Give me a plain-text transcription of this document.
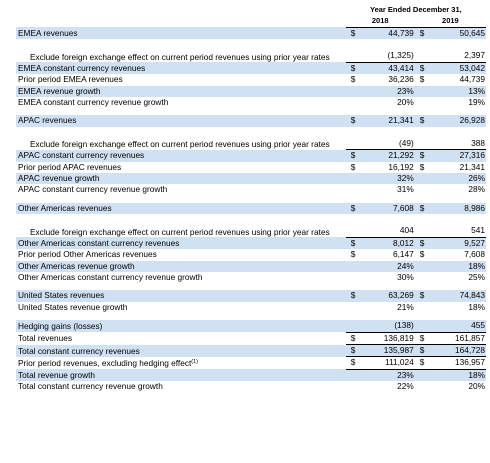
	Year Ended December 31,			
	2018		2019	
EMEA revenues	$	44,739	$	50,645
Exclude foreign exchange effect on current period revenues using prior year rates		(1,325)		2,397
EMEA constant currency revenues	$	43,414	$	53,042
Prior period EMEA revenues	$	36,236	$	44,739
EMEA revenue growth		23%		13%
EMEA constant currency revenue growth		20%		19%

APAC revenues	$	21,341	$	26,928
Exclude foreign exchange effect on current period revenues using prior year rates		(49)		388
APAC constant currency revenues	$	21,292	$	27,316
Prior period APAC revenues	$	16,192	$	21,341
APAC revenue growth		32%		26%
APAC constant currency revenue growth		31%		28%

Other Americas revenues	$	7,608	$	8,986
Exclude foreign exchange effect on current period revenues using prior year rates		404		541
Other Americas constant currency revenues	$	8,012	$	9,527
Prior period Other Americas revenues	$	6,147	$	7,608
Other Americas revenue growth		24%		18%
Other Americas constant currency revenue growth		30%		25%

United States revenues	$	63,269	$	74,843
United States revenue growth		21%		18%

Hedging gains (losses)		(138)		455
Total revenues	$	136,819	$	161,857
Total constant currency revenues	$	135,987	$	164,728
Prior period revenues, excluding hedging effect$^{(1)}$	$	111,024	$	136,957
Total revenue growth		23%		18%
Total constant currency revenue growth		22%		20%
